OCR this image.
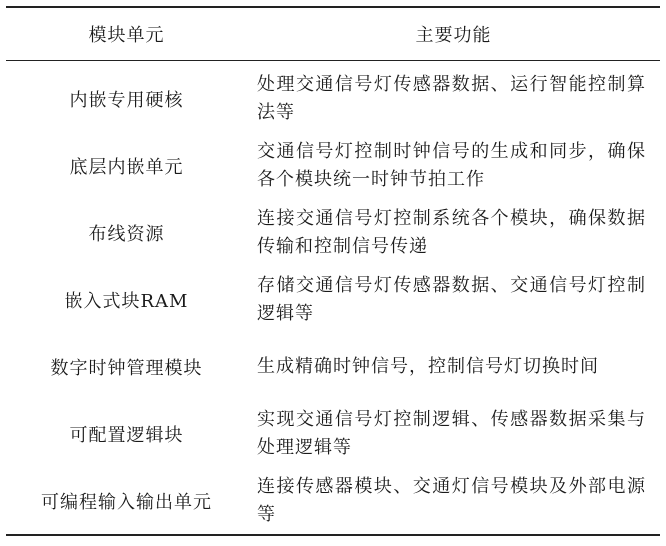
模块单元	主要功能
内嵌专用硬核	处理交通信号灯传感器数据、运行智能控制算法等
底层内嵌单元	交通信号灯控制时钟信号的生成和同步，确保各个模块统一时钟节拍工作
布线资源	连接交通信号灯控制系统各个模块，确保数据传输和控制信号传递
嵌入式块RAM	存储交通信号灯传感器数据、交通信号灯控制逻辑等
数字时钟管理模块	生成精确时钟信号，控制信号灯切换时间
可配置逻辑块	实现交通信号灯控制逻辑、传感器数据采集与处理逻辑等
可编程输入输出单元	连接传感器模块、交通灯信号模块及外部电源等
